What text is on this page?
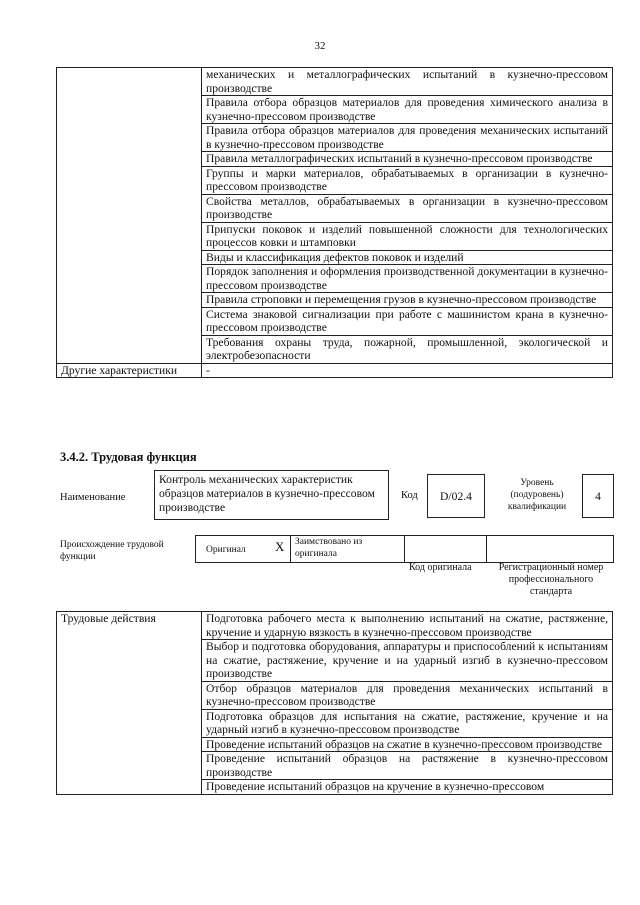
32
	механических и металлографических испытаний в кузнечно-прессовом производстве
	Правила отбора образцов материалов для проведения химического анализа в кузнечно-прессовом производстве
	Правила отбора образцов материалов для проведения механических испытаний в кузнечно-прессовом производстве
	Правила металлографических испытаний в кузнечно-прессовом производстве
	Группы и марки материалов, обрабатываемых в организации в кузнечно-прессовом производстве
	Свойства металлов, обрабатываемых в организации в кузнечно-прессовом производстве
	Припуски поковок и изделий повышенной сложности для технологических процессов ковки и штамповки
	Виды и классификация дефектов поковок и изделий
	Порядок заполнения и оформления производственной документации в кузнечно-прессовом производстве
	Правила строповки и перемещения грузов в кузнечно-прессовом производстве
	Система знаковой сигнализации при работе с машинистом крана в кузнечно-прессовом производстве
	Требования охраны труда, пожарной, промышленной, экологической и электробезопасности
Другие характеристики	-
3.4.2. Трудовая функция
Наименование
Контроль механических характеристик образцов материалов в кузнечно-прессовом производстве
Код	D/02.4
Уровень (подуровень) квалификации
4
Происхождение трудовой функции
Оригинал X Заимствовано из оригинала
Код оригинала	Регистрационный номер профессионального стандарта
Трудовые действия	Подготовка рабочего места к выполнению испытаний на сжатие, растяжение, кручение и ударную вязкость в кузнечно-прессовом производстве
Выбор и подготовка оборудования, аппаратуры и приспособлений к испытаниям на сжатие, растяжение, кручение и на ударный изгиб в кузнечно-прессовом производстве
Отбор образцов материалов для проведения механических испытаний в кузнечно-прессовом производстве
Подготовка образцов для испытания на сжатие, растяжение, кручение и на ударный изгиб в кузнечно-прессовом производстве
Проведение испытаний образцов на сжатие в кузнечно-прессовом производстве
Проведение испытаний образцов на растяжение в кузнечно-прессовом производстве
Проведение испытаний образцов на кручение в кузнечно-прессовом
